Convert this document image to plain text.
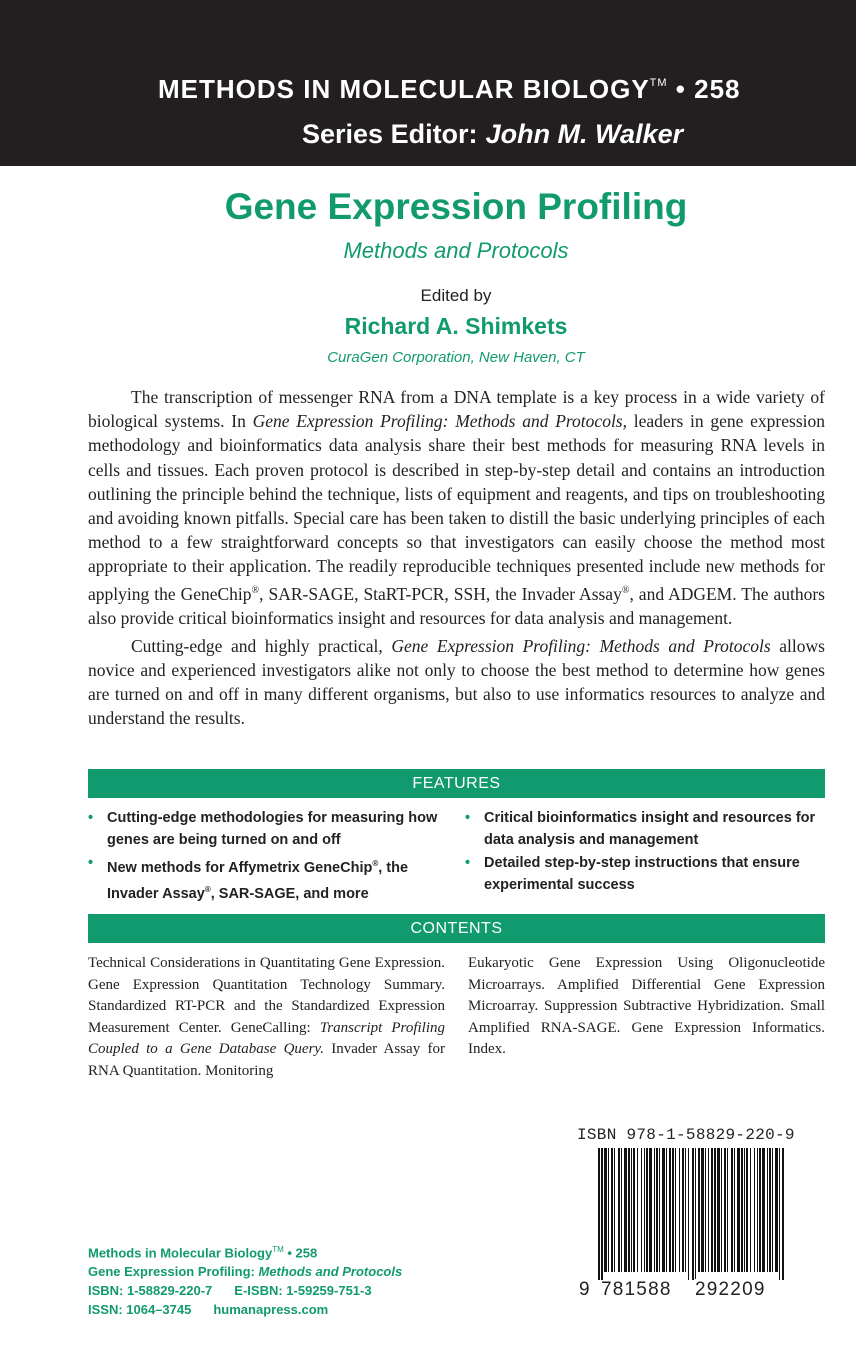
METHODS IN MOLECULAR BIOLOGY™ • 258
Series Editor: John M. Walker
Gene Expression Profiling
Methods and Protocols
Edited by
Richard A. Shimkets
CuraGen Corporation, New Haven, CT

The transcription of messenger RNA from a DNA template is a key process in a wide variety of biological systems. In Gene Expression Profiling: Methods and Protocols, leaders in gene expression methodology and bioinformatics data analysis share their best methods for measuring RNA levels in cells and tissues. Each proven protocol is described in step-by-step detail and contains an introduction outlining the principle behind the technique, lists of equipment and reagents, and tips on troubleshooting and avoiding known pitfalls. Special care has been taken to distill the basic underlying principles of each method to a few straightforward concepts so that investigators can easily choose the method most appropriate to their application. The readily reproducible techniques presented include new methods for applying the GeneChip®, SAR-SAGE, StaRT-PCR, SSH, the Invader Assay®, and ADGEM. The authors also provide critical bioinformatics insight and resources for data analysis and management.

Cutting-edge and highly practical, Gene Expression Profiling: Methods and Protocols allows novice and experienced investigators alike not only to choose the best method to determine how genes are turned on and off in many different organisms, but also to use informatics resources to analyze and understand the results.

FEATURES
• Cutting-edge methodologies for measuring how genes are being turned on and off
• New methods for Affymetrix GeneChip®, the Invader Assay®, SAR-SAGE, and more
• Critical bioinformatics insight and resources for data analysis and management
• Detailed step-by-step instructions that ensure experimental success
CONTENTS
Technical Considerations in Quantitating Gene Expression. Gene Expression Quantitation Technology Summary. Standardized RT-PCR and the Standardized Expression Measurement Center. GeneCalling: Transcript Profiling Coupled to a Gene Database Query. Invader Assay for RNA Quantitation. Monitoring
Eukaryotic Gene Expression Using Oligonucleotide Microarrays. Amplified Differential Gene Expression Microarray. Suppression Subtractive Hybridization. Small Amplified RNA-SAGE. Gene Expression Informatics. Index.
ISBN 978-1-58829-220-9
9 781588 292209
Methods in Molecular Biology™ • 258
Gene Expression Profiling: Methods and Protocols
ISBN: 1-58829-220-7 E-ISBN: 1-59259-751-3
ISSN: 1064–3745 humanapress.com
